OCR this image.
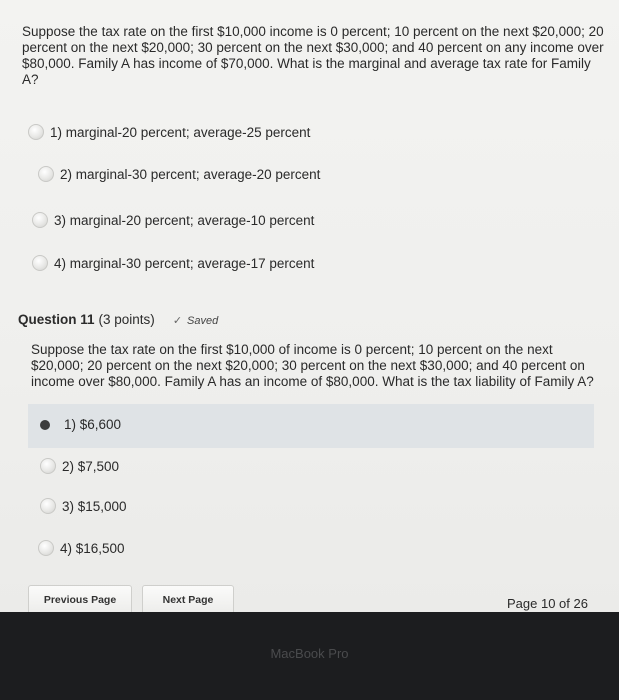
Suppose the tax rate on the first $10,000 income is 0 percent; 10 percent on the next $20,000; 20 percent on the next $20,000; 30 percent on the next $30,000; and 40 percent on any income over $80,000. Family A has income of $70,000. What is the marginal and average tax rate for Family A?
1) marginal-20 percent; average-25 percent
2) marginal-30 percent; average-20 percent
3) marginal-20 percent; average-10 percent
4) marginal-30 percent; average-17 percent
Question 11 (3 points) ✓ Saved
Suppose the tax rate on the first $10,000 of income is 0 percent; 10 percent on the next $20,000; 20 percent on the next $20,000; 30 percent on the next $30,000; and 40 percent on income over $80,000. Family A has an income of $80,000. What is the tax liability of Family A?
1) $6,600
2) $7,500
3) $15,000
4) $16,500
Previous Page	Next Page	Page 10 of 26
MacBook Pro
